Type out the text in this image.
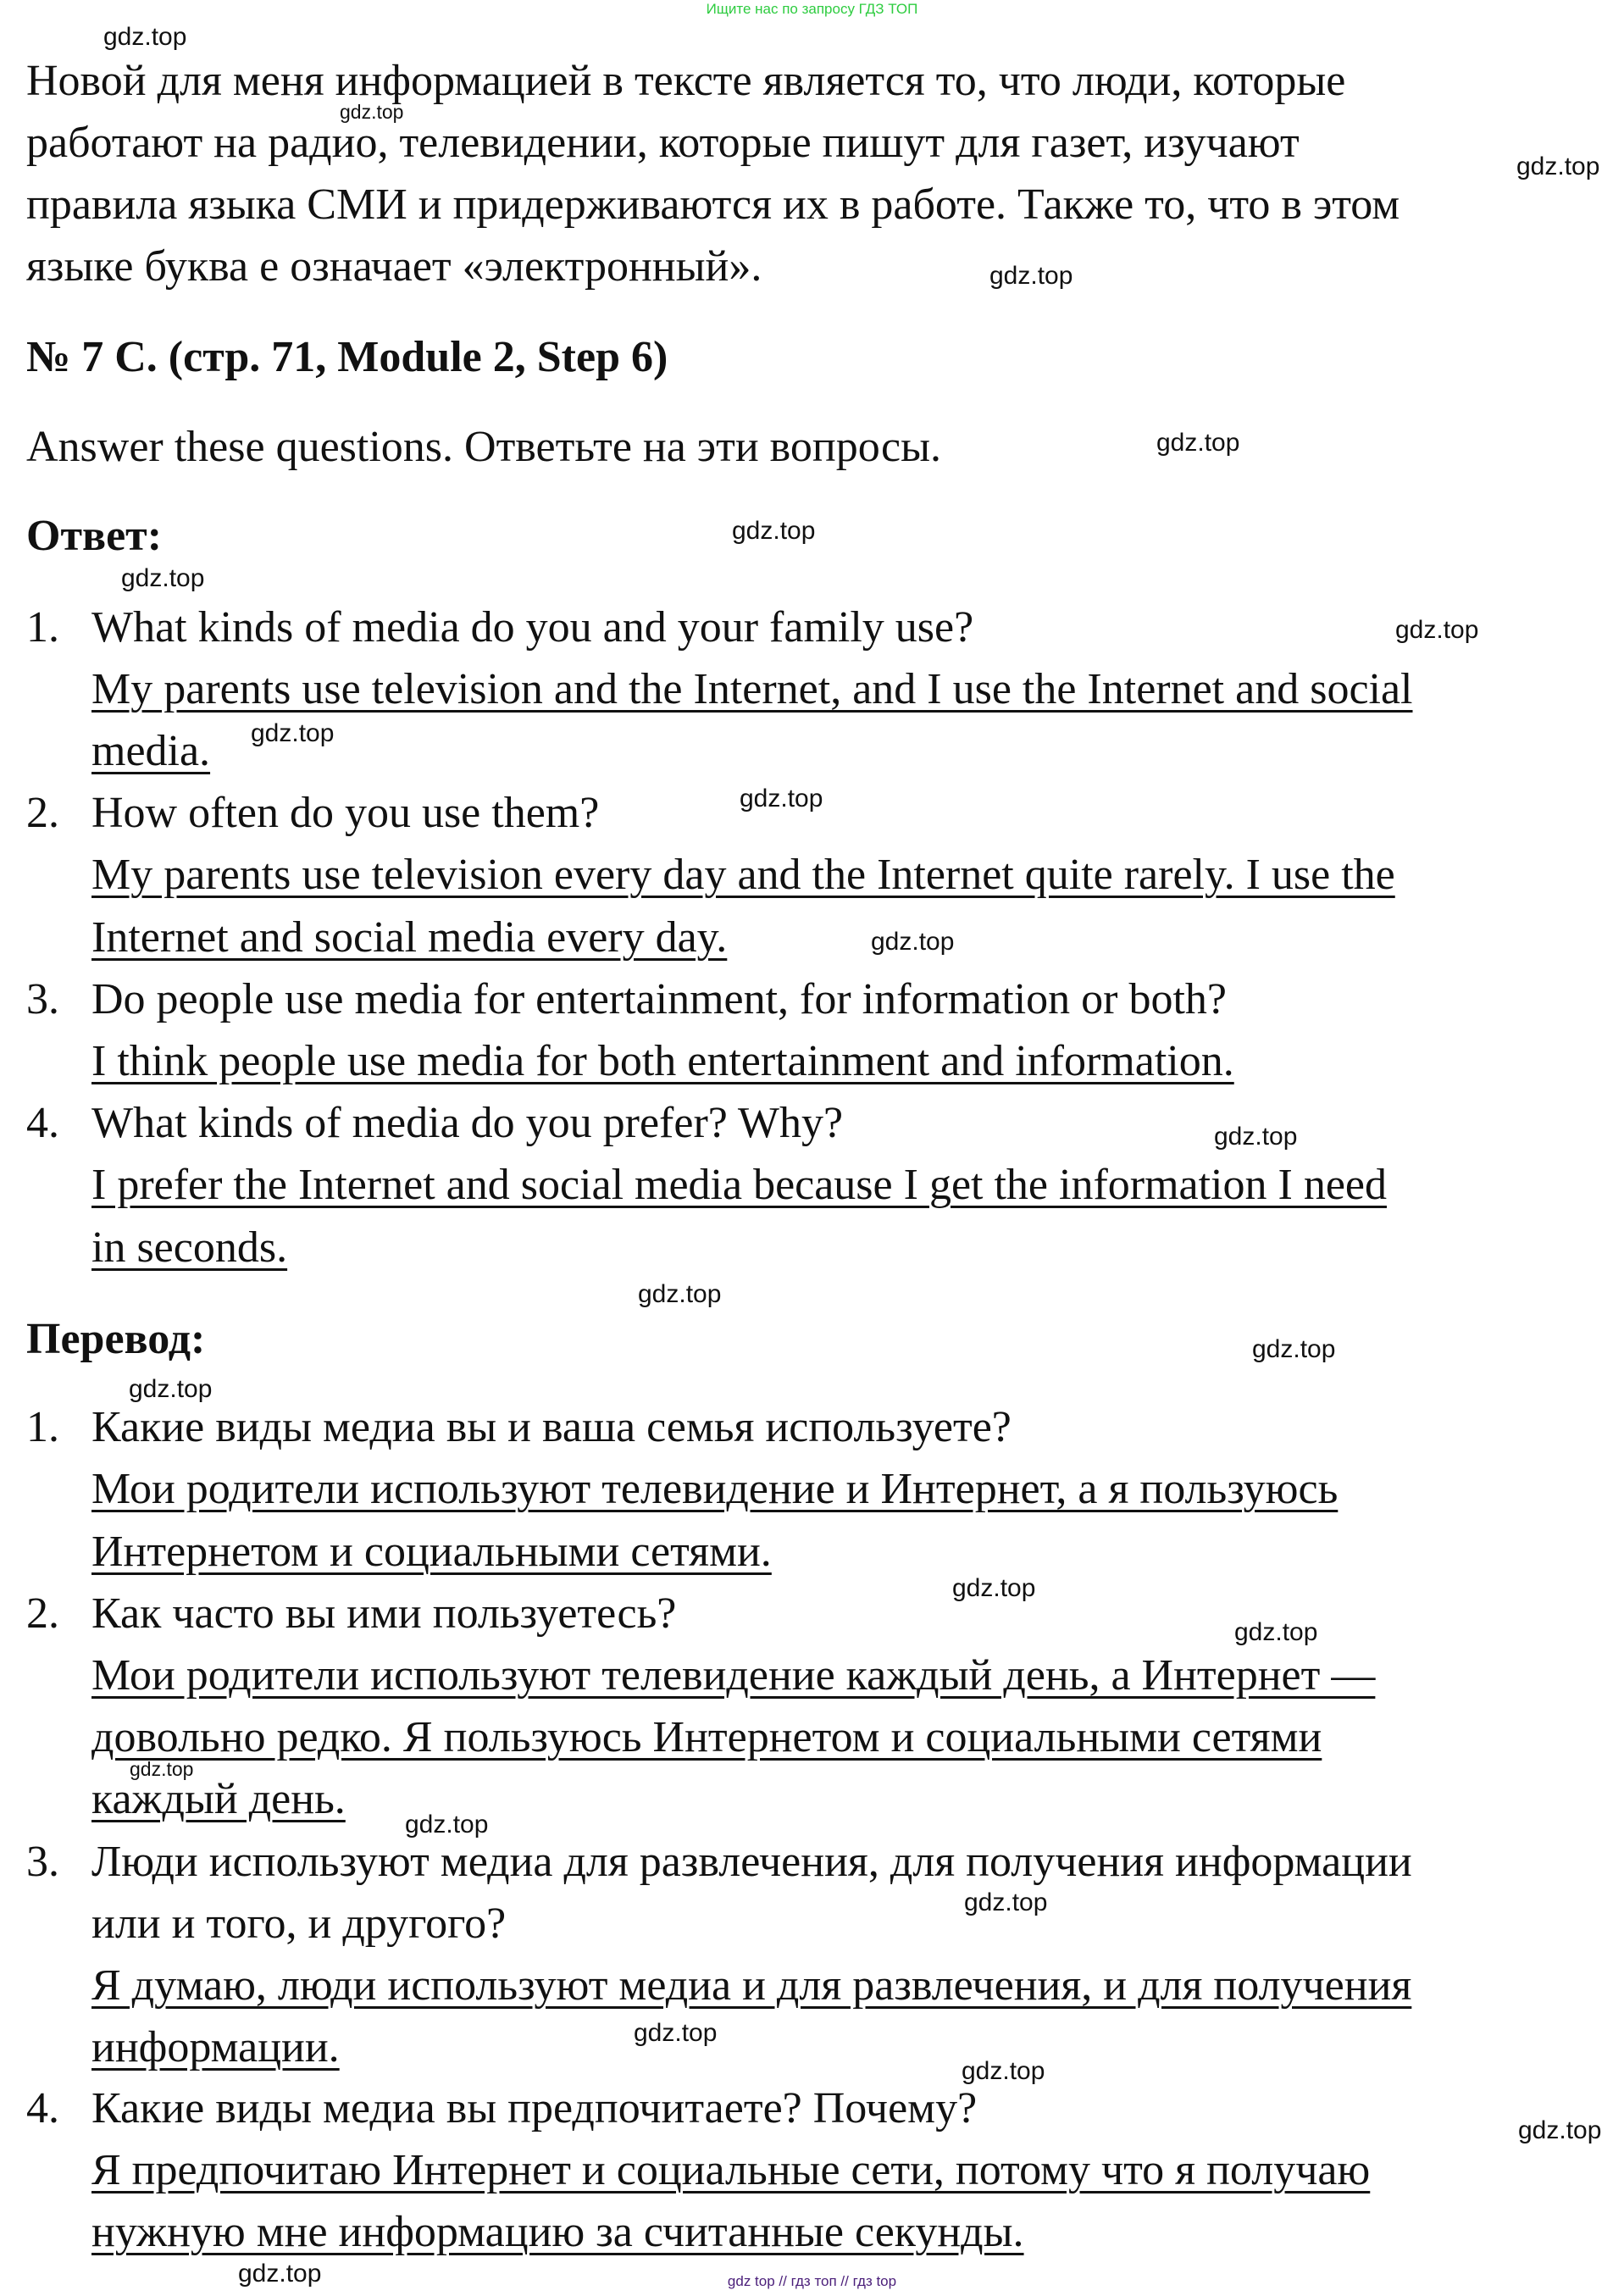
Ищите нас по запросу ГДЗ ТОП
Новой для меня информацией в тексте является то, что люди, которые
работают на радио, телевидении, которые пишут для газет, изучают
правила языка СМИ и придерживаются их в работе. Также то, что в этом
языке буква е означает «электронный».
№ 7 C. (стр. 71, Module 2, Step 6)
Answer these questions. Ответьте на эти вопросы.
Ответ:
1. What kinds of media do you and your family use?
My parents use television and the Internet, and I use the Internet and social
media.
2. How often do you use them?
My parents use television every day and the Internet quite rarely. I use the
Internet and social media every day.
3. Do people use media for entertainment, for information or both?
I think people use media for both entertainment and information.
4. What kinds of media do you prefer? Why?
I prefer the Internet and social media because I get the information I need
in seconds.
Перевод:
1. Какие виды медиа вы и ваша семья используете?
Мои родители используют телевидение и Интернет, а я пользуюсь
Интернетом и социальными сетями.
2. Как часто вы ими пользуетесь?
Мои родители используют телевидение каждый день, а Интернет —
довольно редко. Я пользуюсь Интернетом и социальными сетями
каждый день.
3. Люди используют медиа для развлечения, для получения информации
или и того, и другого?
Я думаю, люди используют медиа и для развлечения, и для получения
информации.
4. Какие виды медиа вы предпочитаете? Почему?
Я предпочитаю Интернет и социальные сети, потому что я получаю
нужную мне информацию за считанные секунды.
gdz.top
gdz.top
gdz.top
gdz.top
gdz.top
gdz.top
gdz.top
gdz.top
gdz.top
gdz.top
gdz.top
gdz.top
gdz.top
gdz.top
gdz.top
gdz.top
gdz.top
gdz.top
gdz.top
gdz.top
gdz.top
gdz.top
gdz.top
gdz.top	gdz top // гдз топ // гдз top
